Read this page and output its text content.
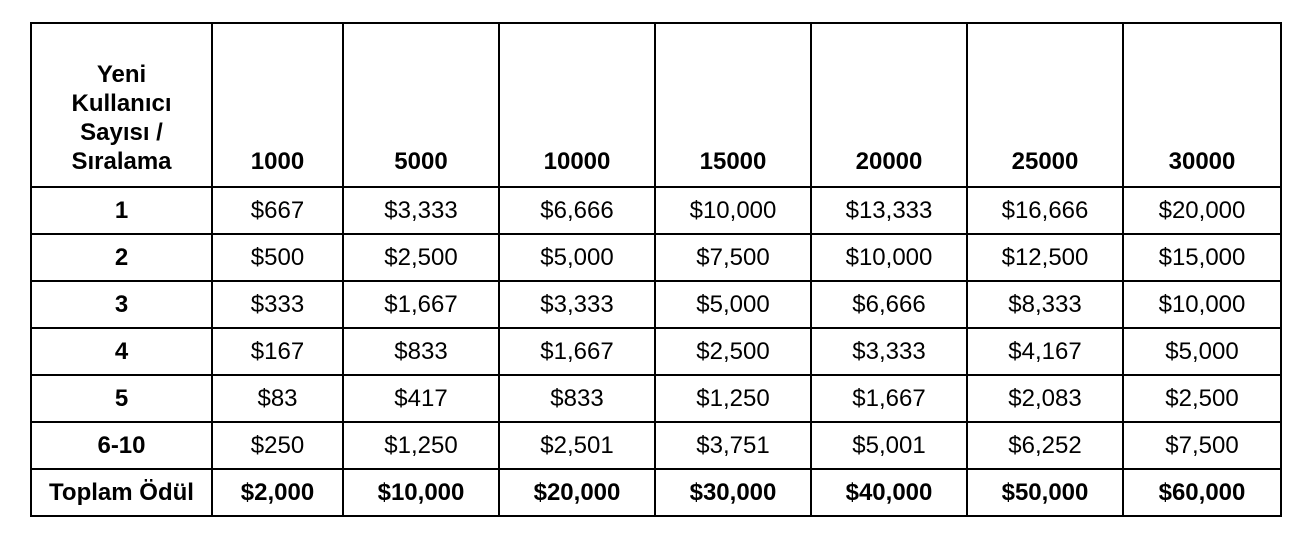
Yeni
Kullanıcı
Sayısı /
Sıralama	1000	5000	10000	15000	20000	25000	30000
1	$667	$3,333	$6,666	$10,000	$13,333	$16,666	$20,000
2	$500	$2,500	$5,000	$7,500	$10,000	$12,500	$15,000
3	$333	$1,667	$3,333	$5,000	$6,666	$8,333	$10,000
4	$167	$833	$1,667	$2,500	$3,333	$4,167	$5,000
5	$83	$417	$833	$1,250	$1,667	$2,083	$2,500
6-10	$250	$1,250	$2,501	$3,751	$5,001	$6,252	$7,500
Toplam Ödül	$2,000	$10,000	$20,000	$30,000	$40,000	$50,000	$60,000
